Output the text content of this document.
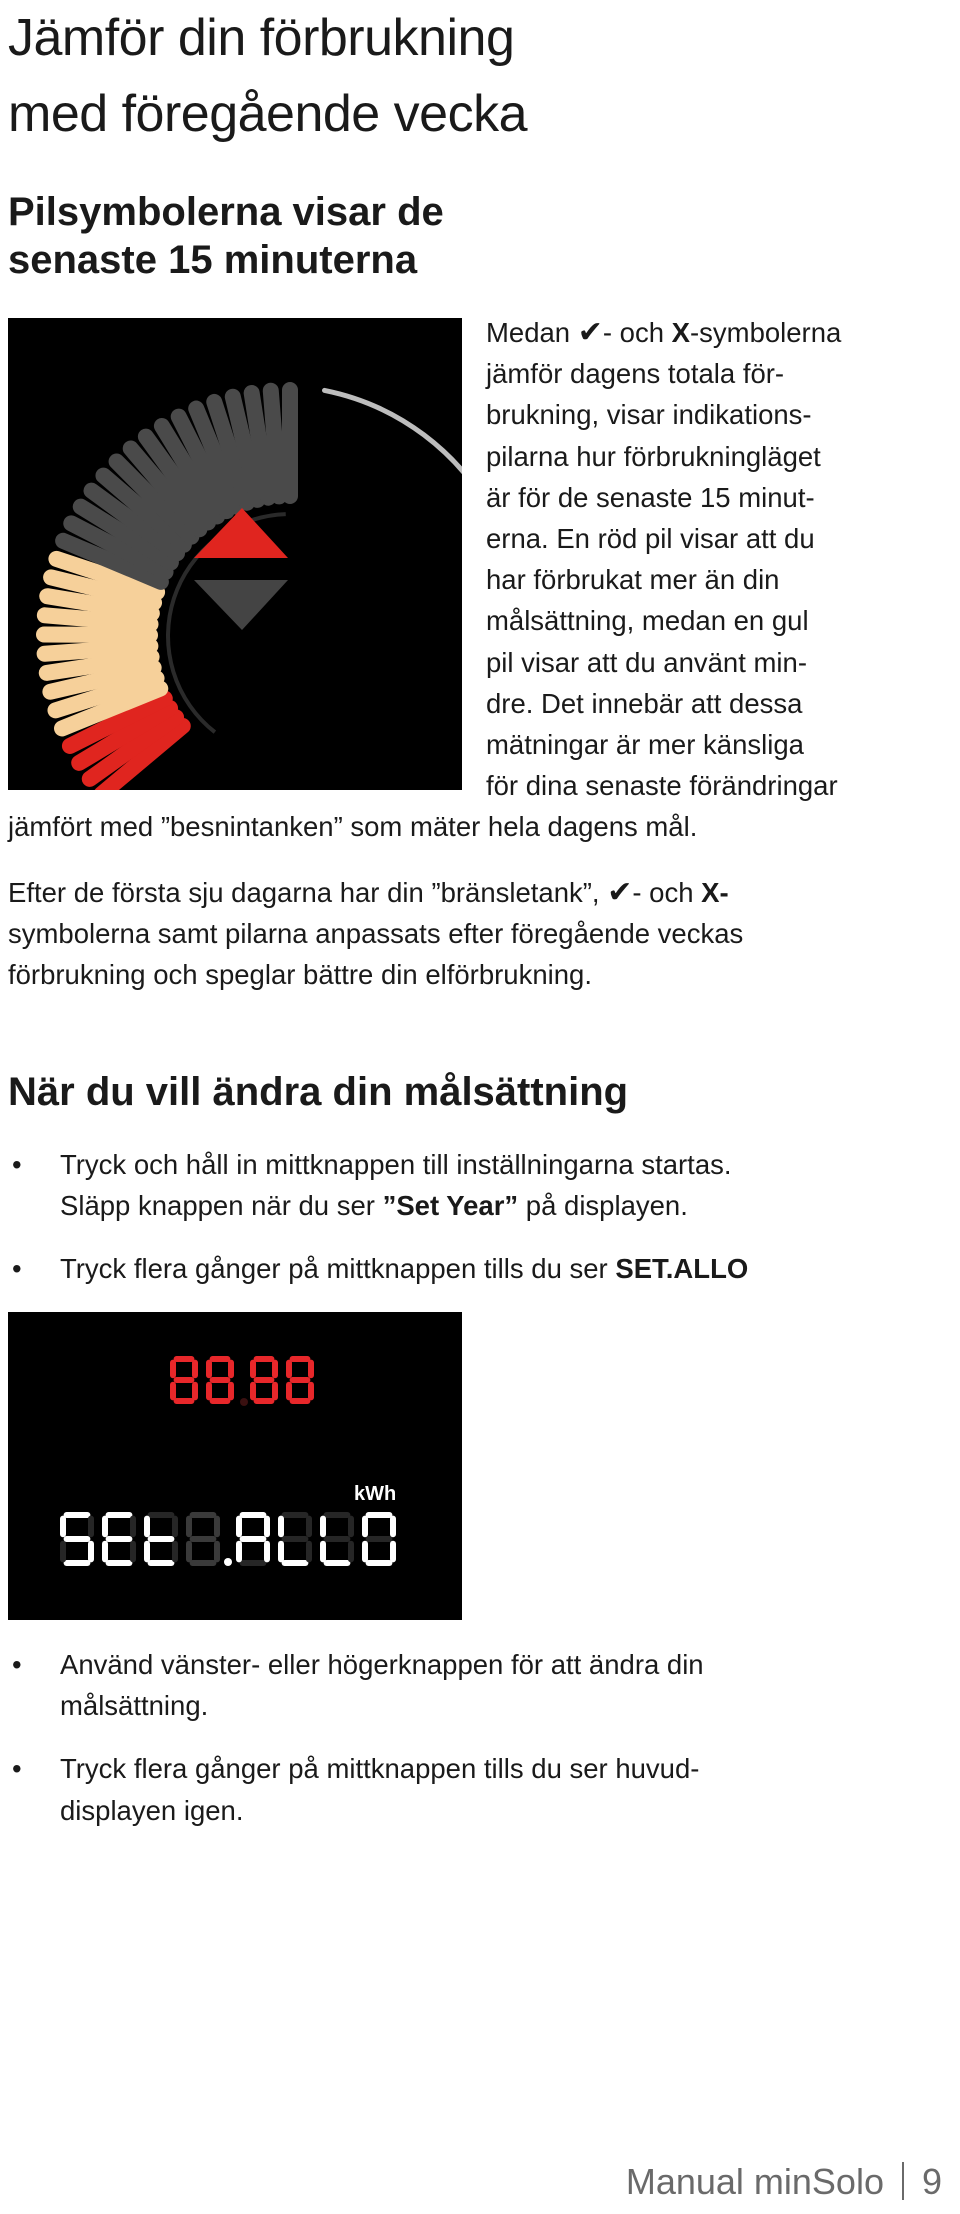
Jämför din förbrukning
med föregående vecka
Pilsymbolerna visar de
senaste 15 minuterna
Medan ✔- och X-symbolerna
jämför dagens totala för-
brukning, visar indikations-
pilarna hur förbrukningläget
är för de senaste 15 minut-
erna. En röd pil visar att du
har förbrukat mer än din
målsättning, medan en gul
pil visar att du använt min-
dre. Det innebär att dessa
mätningar är mer känsliga
för dina senaste förändringar

jämfört med ”besnintanken” som mäter hela dagens mål.

Efter de första sju dagarna har din ”bränsletank”, ✔- och X-
symbolerna samt pilarna anpassats efter föregående veckas
förbrukning och speglar bättre din elförbrukning.
När du vill ändra din målsättning
• Tryck och håll in mittknappen till inställningarna startas.
Släpp knappen när du ser ”Set Year” på displayen.
• Tryck flera gånger på mittknappen tills du ser SET.ALLO
kWh
• Använd vänster- eller högerknappen för att ändra din
målsättning.
• Tryck flera gånger på mittknappen tills du ser huvud-
displayen igen.
Manual minSolo 9
